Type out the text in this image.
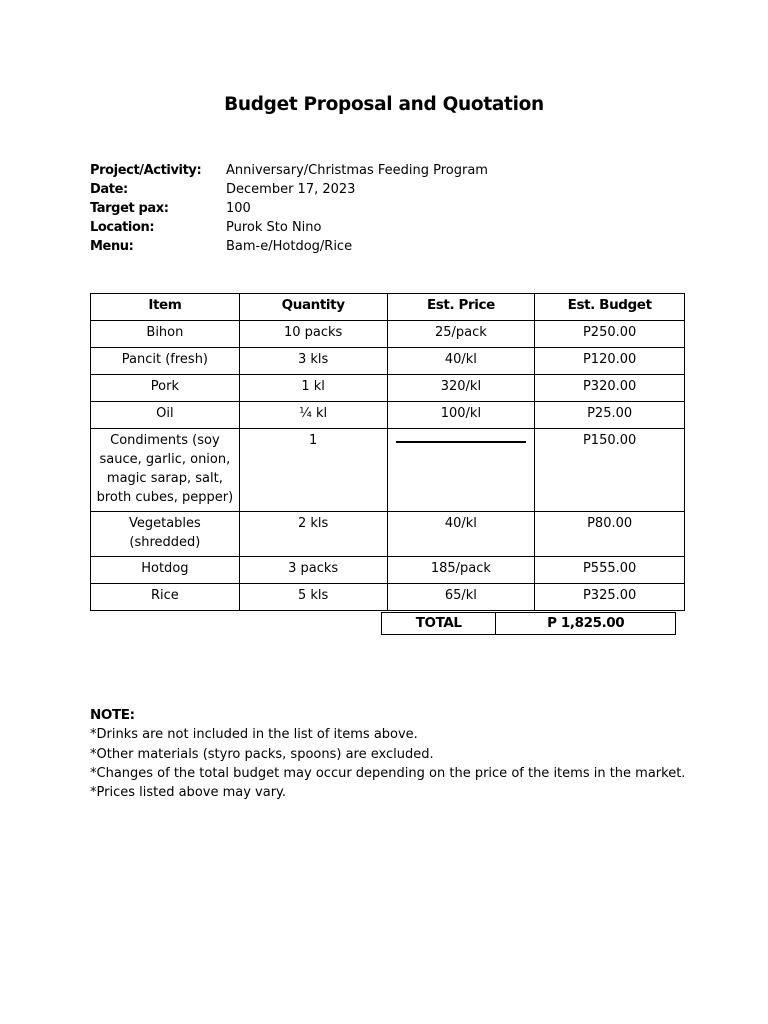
Budget Proposal and Quotation
Project/Activity:	Anniversary/Christmas Feeding Program
Date:	December 17, 2023
Target pax:	100
Location:	Purok Sto Nino
Menu:	Bam-e/Hotdog/Rice
Item	Quantity	Est. Price	Est. Budget
Bihon	10 packs	25/pack	P250.00
Pancit (fresh)	3 kls	40/kl	P120.00
Pork	1 kl	320/kl	P320.00
Oil	¼ kl	100/kl	P25.00
Condiments (soy sauce, garlic, onion, magic sarap, salt, broth cubes, pepper)	1		P150.00
Vegetables (shredded)	2 kls	40/kl	P80.00
Hotdog	3 packs	185/pack	P555.00
Rice	5 kls	65/kl	P325.00
TOTAL	P 1,825.00
NOTE:
*Drinks are not included in the list of items above.
*Other materials (styro packs, spoons) are excluded.
*Changes of the total budget may occur depending on the price of the items in the market.
*Prices listed above may vary.
